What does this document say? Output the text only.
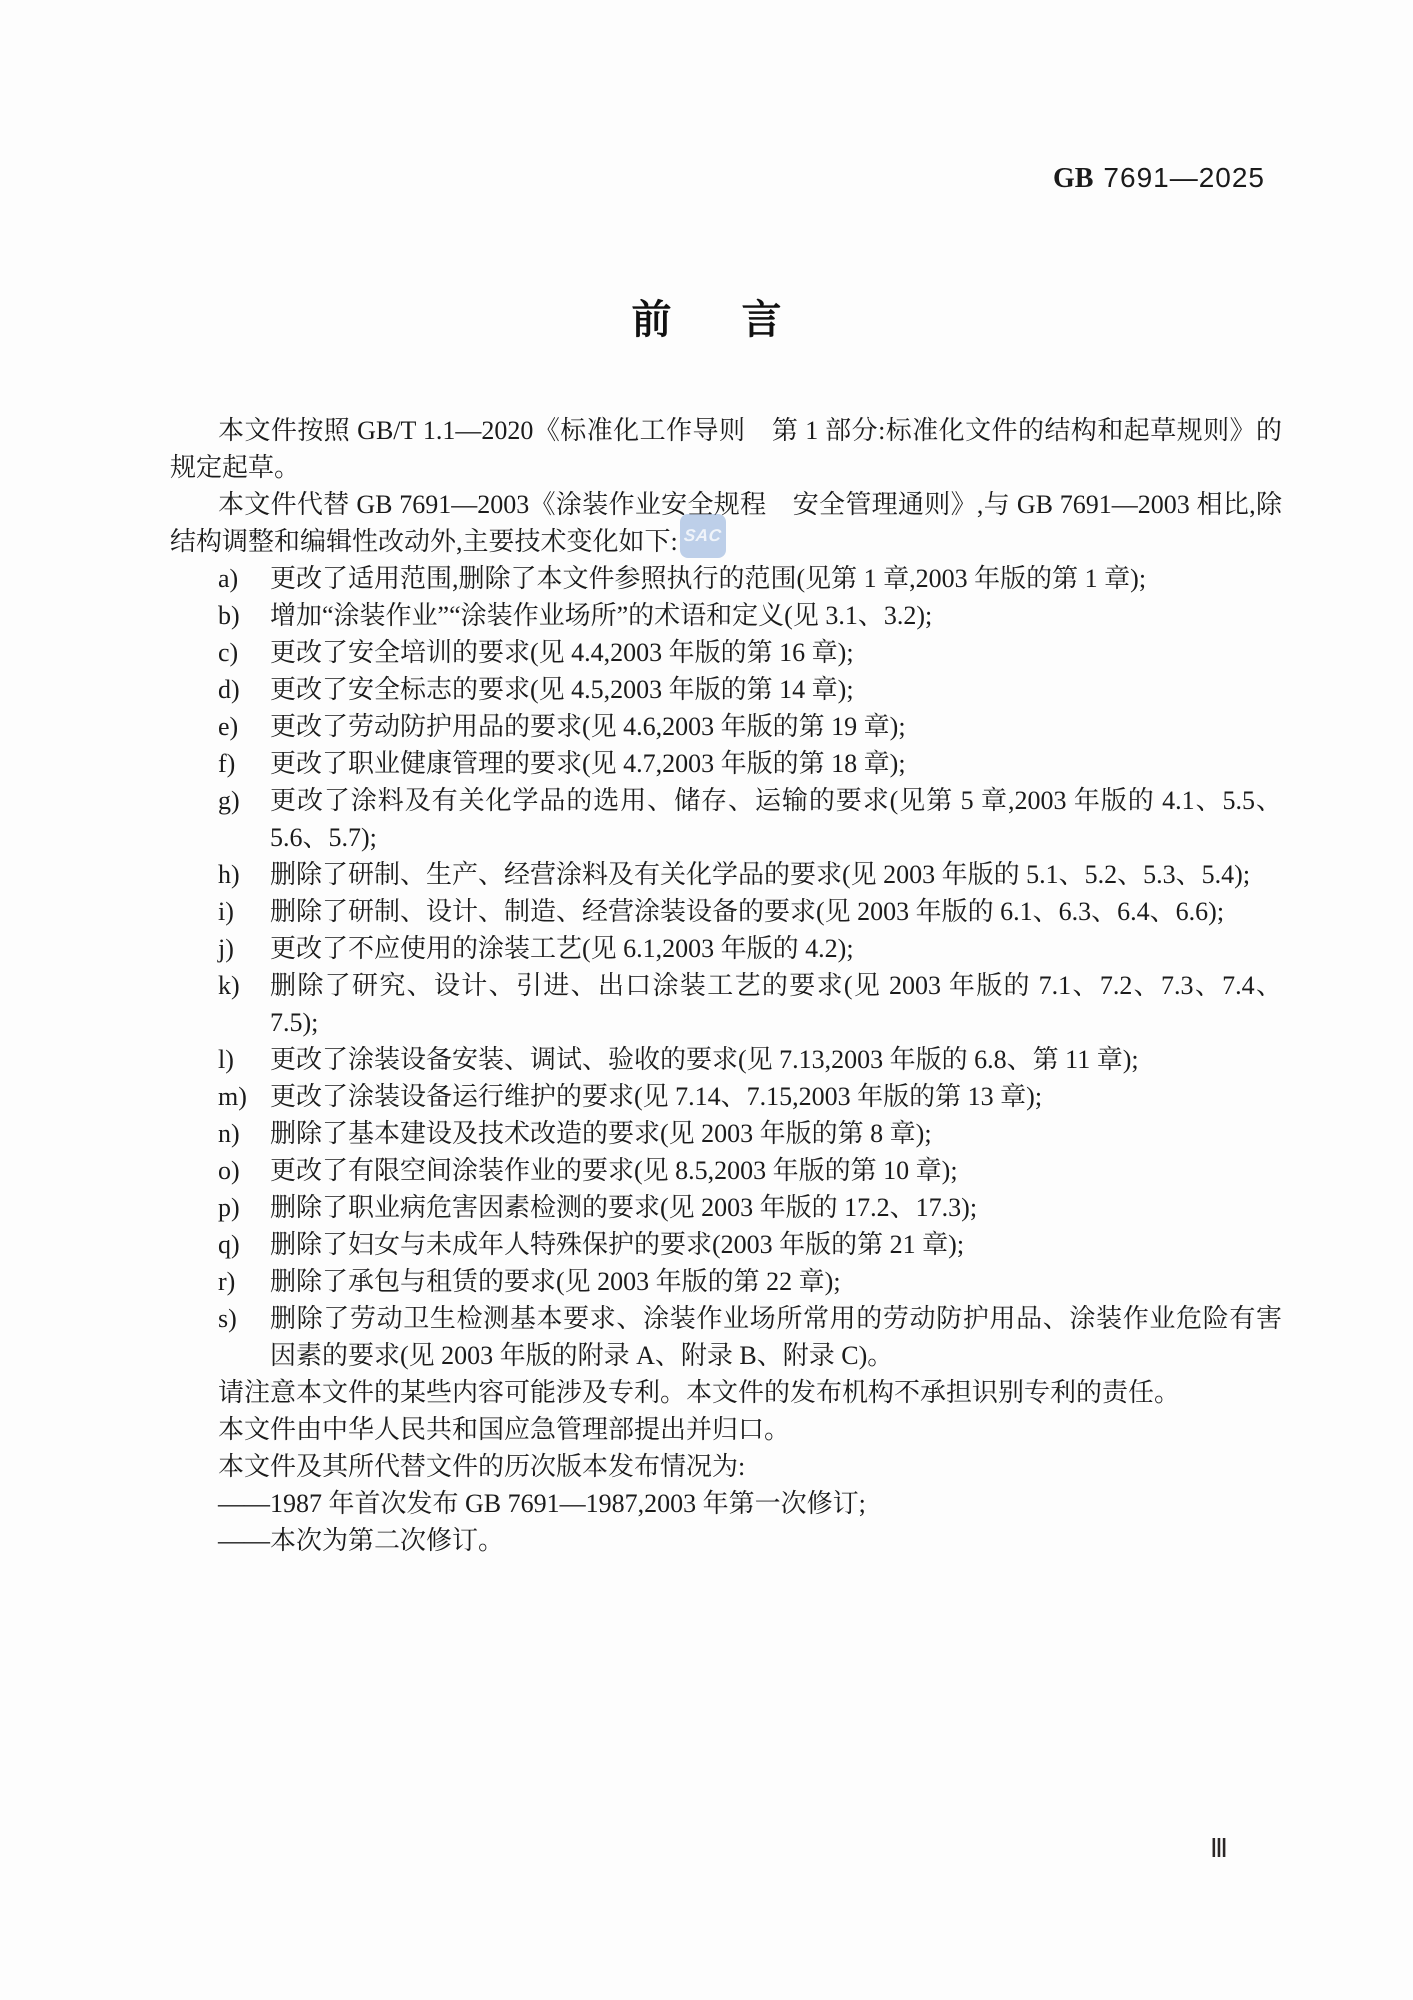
GB 7691—2025
前言
SAC

本文件按照 GB/T 1.1—2020《标准化工作导则　第 1 部分:标准化文件的结构和起草规则》的规定起草。

本文件代替 GB 7691—2003《涂装作业安全规程　安全管理通则》,与 GB 7691—2003 相比,除结构调整和编辑性改动外,主要技术变化如下:

a)	更改了适用范围,删除了本文件参照执行的范围(见第 1 章,2003 年版的第 1 章);
b)	增加“涂装作业”“涂装作业场所”的术语和定义(见 3.1、3.2);
c)	更改了安全培训的要求(见 4.4,2003 年版的第 16 章);
d)	更改了安全标志的要求(见 4.5,2003 年版的第 14 章);
e)	更改了劳动防护用品的要求(见 4.6,2003 年版的第 19 章);
f)	更改了职业健康管理的要求(见 4.7,2003 年版的第 18 章);
g)	更改了涂料及有关化学品的选用、储存、运输的要求(见第 5 章,2003 年版的 4.1、5.5、5.6、5.7);
h)	删除了研制、生产、经营涂料及有关化学品的要求(见 2003 年版的 5.1、5.2、5.3、5.4);
i)	删除了研制、设计、制造、经营涂装设备的要求(见 2003 年版的 6.1、6.3、6.4、6.6);
j)	更改了不应使用的涂装工艺(见 6.1,2003 年版的 4.2);
k)	删除了研究、设计、引进、出口涂装工艺的要求(见 2003 年版的 7.1、7.2、7.3、7.4、7.5);
l)	更改了涂装设备安装、调试、验收的要求(见 7.13,2003 年版的 6.8、第 11 章);
m) 更改了涂装设备运行维护的要求(见 7.14、7.15,2003 年版的第 13 章);
n)	删除了基本建设及技术改造的要求(见 2003 年版的第 8 章);
o)	更改了有限空间涂装作业的要求(见 8.5,2003 年版的第 10 章);
p)	删除了职业病危害因素检测的要求(见 2003 年版的 17.2、17.3);
q)	删除了妇女与未成年人特殊保护的要求(2003 年版的第 21 章);
r)	删除了承包与租赁的要求(见 2003 年版的第 22 章);
s)	删除了劳动卫生检测基本要求、涂装作业场所常用的劳动防护用品、涂装作业危险有害因素的要求(见 2003 年版的附录 A、附录 B、附录 C)。

请注意本文件的某些内容可能涉及专利。本文件的发布机构不承担识别专利的责任。

本文件由中华人民共和国应急管理部提出并归口。

本文件及其所代替文件的历次版本发布情况为:

——1987 年首次发布 GB 7691—1987,2003 年第一次修订;

——本次为第二次修订。

Ⅲ
